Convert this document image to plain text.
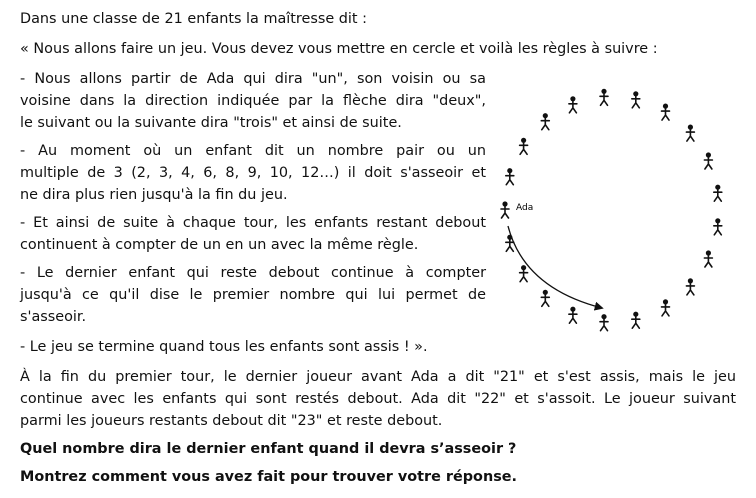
Dans une classe de 21 enfants la maîtresse dit :

« Nous allons faire un jeu. Vous devez vous mettre en cercle et voilà les règles à suivre :

- Nous allons partir de Ada qui dira "un", son voisin ou sa
voisine dans la direction indiquée par la flèche dira "deux",
le suivant ou la suivante dira "trois" et ainsi de suite.
- Au moment où un enfant dit un nombre pair ou un
multiple de 3 (2, 3, 4, 6, 8, 9, 10, 12…) il doit s'asseoir et
ne dira plus rien jusqu'à la fin du jeu.
- Et ainsi de suite à chaque tour, les enfants restant debout
continuent à compter de un en un avec la même règle.
- Le dernier enfant qui reste debout continue à compter
jusqu'à ce qu'il dise le premier nombre qui lui permet de
s'asseoir.

- Le jeu se termine quand tous les enfants sont assis ! ».

À la fin du premier tour, le dernier joueur avant Ada a dit "21" et s'est assis, mais le jeu
continue avec les enfants qui sont restés debout. Ada dit "22" et s'assoit. Le joueur suivant
parmi les joueurs restants debout dit "23" et reste debout.

Quel nombre dira le dernier enfant quand il devra s’asseoir ?

Montrez comment vous avez fait pour trouver votre réponse.

Ada
